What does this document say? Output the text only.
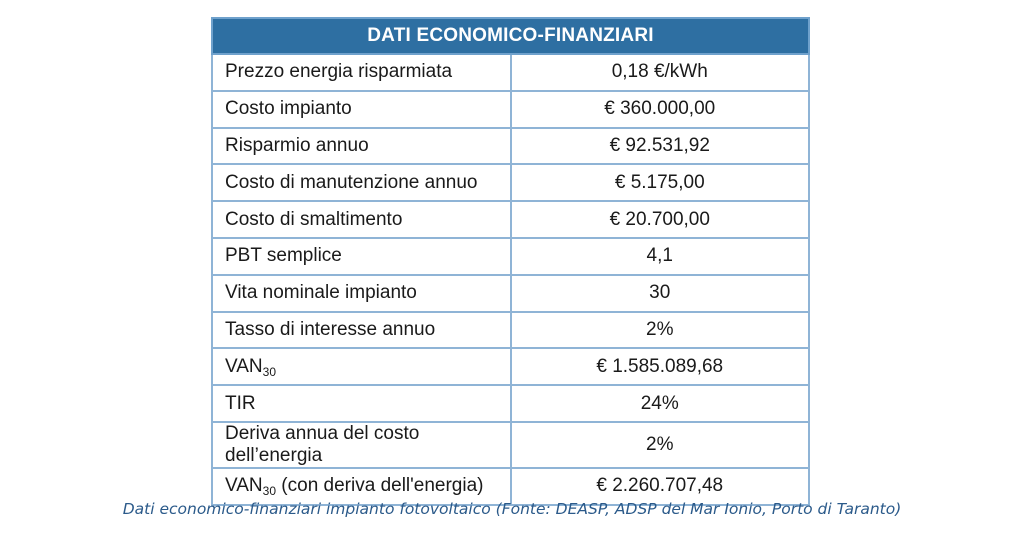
DATI ECONOMICO-FINANZIARI	
Prezzo energia risparmiata	0,18 €/kWh
Costo impianto	€ 360.000,00
Risparmio annuo	€ 92.531,92
Costo di manutenzione annuo	€ 5.175,00
Costo di smaltimento	€ 20.700,00
PBT semplice	4,1
Vita nominale impianto	30
Tasso di interesse annuo	2%
$VAN_{30}$	€ 1.585.089,68
TIR	24%
Deriva annua del costo dell’energia	2%
$VAN_{30}$ (con deriva dell'energia)	€ 2.260.707,48
Dati economico-finanziari impianto fotovoltaico (Fonte: DEASP, ADSP del Mar Ionio, Porto di Taranto)
